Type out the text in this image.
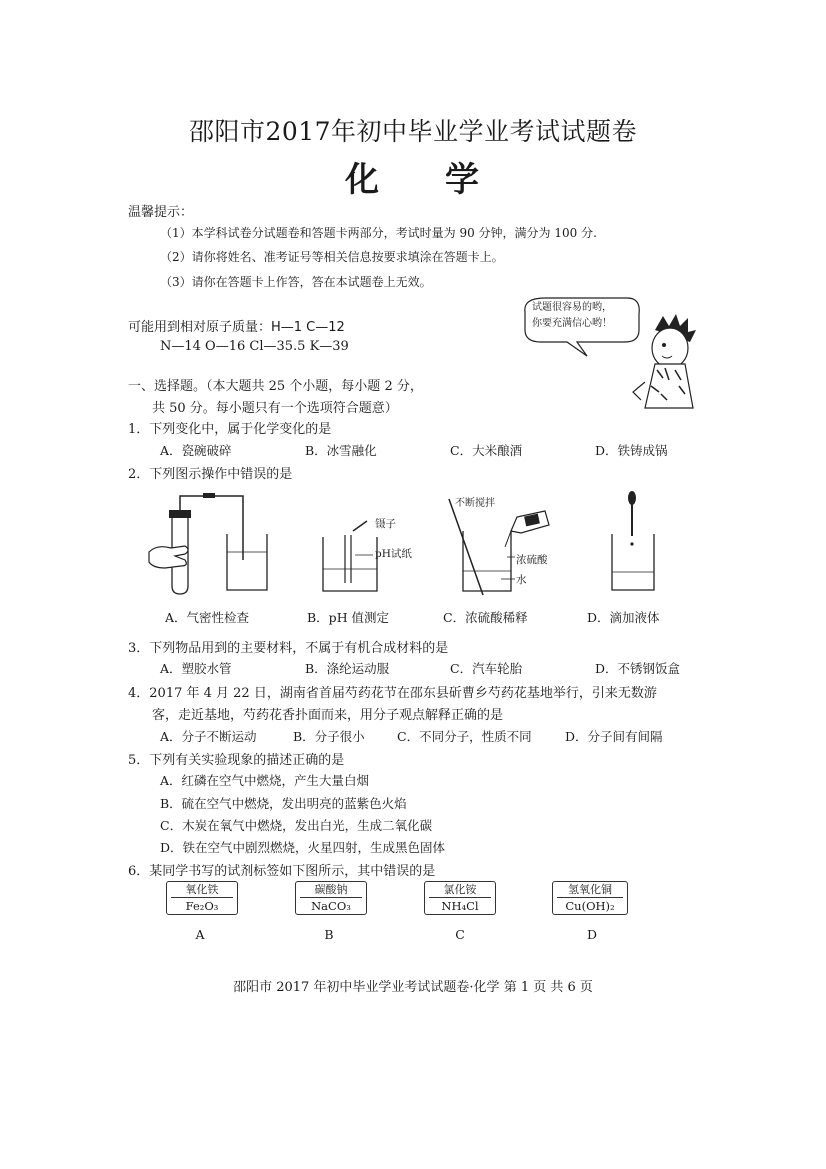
邵阳市2017年初中毕业学业考试试题卷
化 学
温馨提示：
（1）本学科试卷分试题卷和答题卡两部分，考试时量为 90 分钟，满分为 100 分.
（2）请你将姓名、准考证号等相关信息按要求填涂在答题卡上。
（3）请你在答题卡上作答，答在本试题卷上无效。
可能用到相对原子质量：H—1 C—12
N—14 O—16 Cl—35.5 K—39
试题很容易的哟，
你要充满信心哟！
一、选择题。（本大题共 25 个小题，每小题 2 分，
共 50 分。每小题只有一个选项符合题意）
1．下列变化中，属于化学变化的是
A．瓷碗破碎	B．冰雪融化	C．大米酿酒	D．铁铸成锅
2．下列图示操作中错误的是
镊子
pH试纸
不断搅拌
浓硫酸
水
A．气密性检查	B．pH 值测定	C．浓硫酸稀释	D．滴加液体
3．下列物品用到的主要材料，不属于有机合成材料的是
A．塑胶水管	B．涤纶运动服	C．汽车轮胎	D．不锈钢饭盒
4．2017 年 4 月 22 日，湖南省首届芍药花节在邵东县斫曹乡芍药花基地举行，引来无数游
客，走近基地，芍药花香扑面而来，用分子观点解释正确的是
A．分子不断运动	B．分子很小	C．不同分子，性质不同	D．分子间有间隔
5．下列有关实验现象的描述正确的是
A．红磷在空气中燃烧，产生大量白烟
B．硫在空气中燃烧，发出明亮的蓝紫色火焰
C．木炭在氧气中燃烧，发出白光，生成二氧化碳
D．铁在空气中剧烈燃烧，火星四射，生成黑色固体
6．某同学书写的试剂标签如下图所示，其中错误的是
氧化铁
Fe₂O₃
A
碳酸钠
NaCO₃
B
氯化铵
NH₄Cl
C
氢氧化铜
Cu(OH)₂
D
邵阳市 2017 年初中毕业学业考试试题卷·化学 第 1 页 共 6 页
